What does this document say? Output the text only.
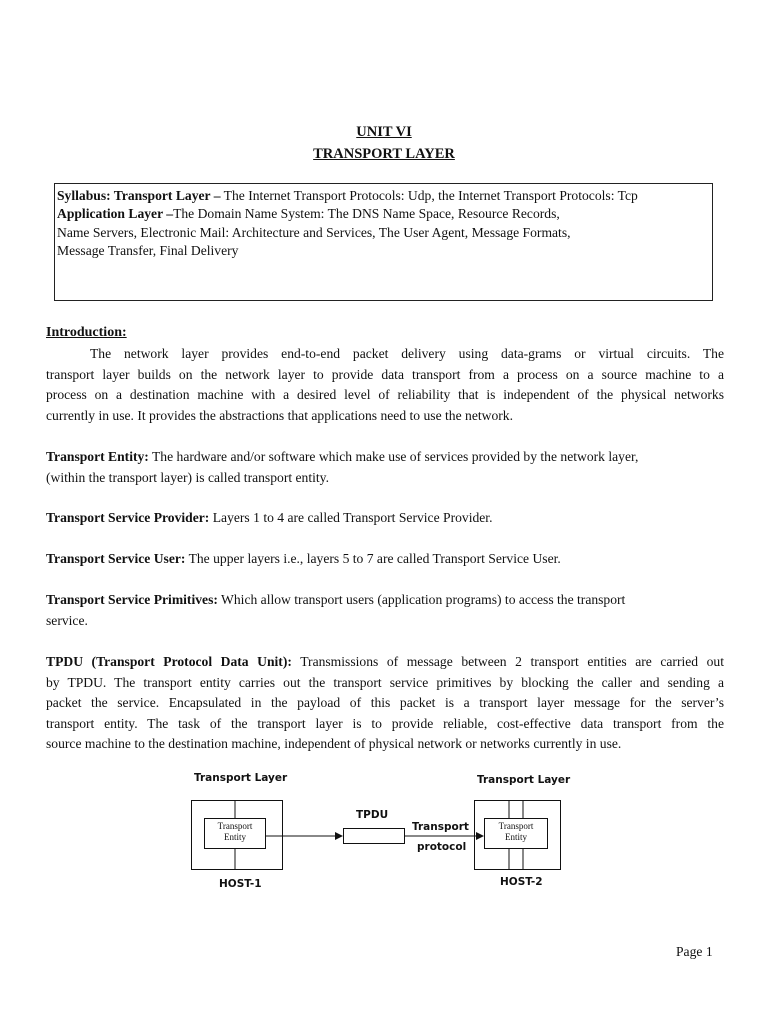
UNIT VI
TRANSPORT LAYER
Syllabus: Transport Layer – The Internet Transport Protocols: Udp, the Internet Transport Protocols: Tcp
Application Layer –The Domain Name System: The DNS Name Space, Resource Records,
Name Servers, Electronic Mail: Architecture and Services, The User Agent, Message Formats,
Message Transfer, Final Delivery
Introduction:
The network layer provides end-to-end packet delivery using data-grams or virtual circuits. The
transport layer builds on the network layer to provide data transport from a process on a source machine to a
process on a destination machine with a desired level of reliability that is independent of the physical networks
currently in use. It provides the abstractions that applications need to use the network.
Transport Entity: The hardware and/or software which make use of services provided by the network layer,
(within the transport layer) is called transport entity.
Transport Service Provider: Layers 1 to 4 are called Transport Service Provider.
Transport Service User: The upper layers i.e., layers 5 to 7 are called Transport Service User.
Transport Service Primitives: Which allow transport users (application programs) to access the transport
service.
TPDU (Transport Protocol Data Unit): Transmissions of message between 2 transport entities are carried out
by TPDU. The transport entity carries out the transport service primitives by blocking the caller and sending a
packet the service. Encapsulated in the payload of this packet is a transport layer message for the server’s
transport entity. The task of the transport layer is to provide reliable, cost-effective data transport from the
source machine to the destination machine, independent of physical network or networks currently in use.
Transport Layer
Transport
Entity
HOST-1
TPDU
Transport
protocol
Transport Layer
Transport
Entity
HOST-2
Page 1
